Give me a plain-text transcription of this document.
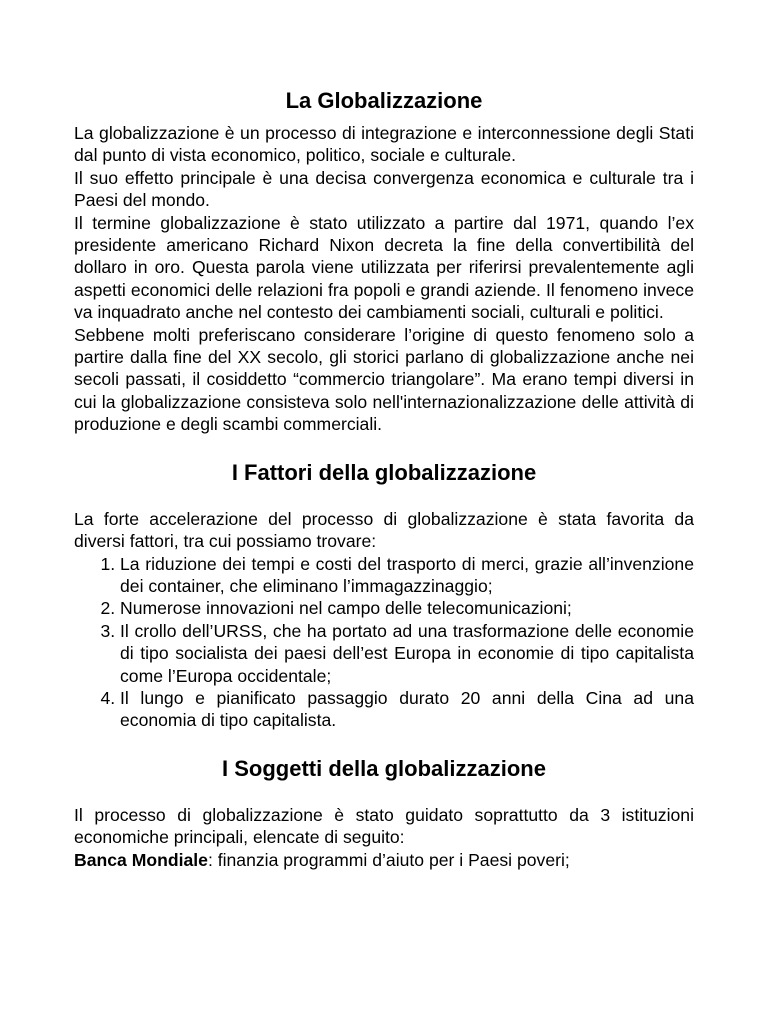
La Globalizzazione

La globalizzazione è un processo di integrazione e interconnessione degli Stati dal punto di vista economico, politico, sociale e culturale.

Il suo effetto principale è una decisa convergenza economica e culturale tra i Paesi del mondo.

Il termine globalizzazione è stato utilizzato a partire dal 1971, quando l’ex presidente americano Richard Nixon decreta la fine della convertibilità del dollaro in oro. Questa parola viene utilizzata per riferirsi prevalentemente agli aspetti economici delle relazioni fra popoli e grandi aziende. Il fenomeno invece va inquadrato anche nel contesto dei cambiamenti sociali, culturali e politici.

Sebbene molti preferiscano considerare l’origine di questo fenomeno solo a partire dalla fine del XX secolo, gli storici parlano di globalizzazione anche nei secoli passati, il cosiddetto “commercio triangolare”. Ma erano tempi diversi in cui la globalizzazione consisteva solo nell'internazionalizzazione delle attività di produzione e degli scambi commerciali.

I Fattori della globalizzazione

La forte accelerazione del processo di globalizzazione è stata favorita da diversi fattori, tra cui possiamo trovare:

1. La riduzione dei tempi e costi del trasporto di merci, grazie all’invenzione dei container, che eliminano l’immagazzinaggio;
2. Numerose innovazioni nel campo delle telecomunicazioni;
3. Il crollo dell’URSS, che ha portato ad una trasformazione delle economie di tipo socialista dei paesi dell’est Europa in economie di tipo capitalista come l’Europa occidentale;
4. Il lungo e pianificato passaggio durato 20 anni della Cina ad una economia di tipo capitalista.
I Soggetti della globalizzazione

Il processo di globalizzazione è stato guidato soprattutto da 3 istituzioni economiche principali, elencate di seguito:

Banca Mondiale: finanzia programmi d’aiuto per i Paesi poveri;
